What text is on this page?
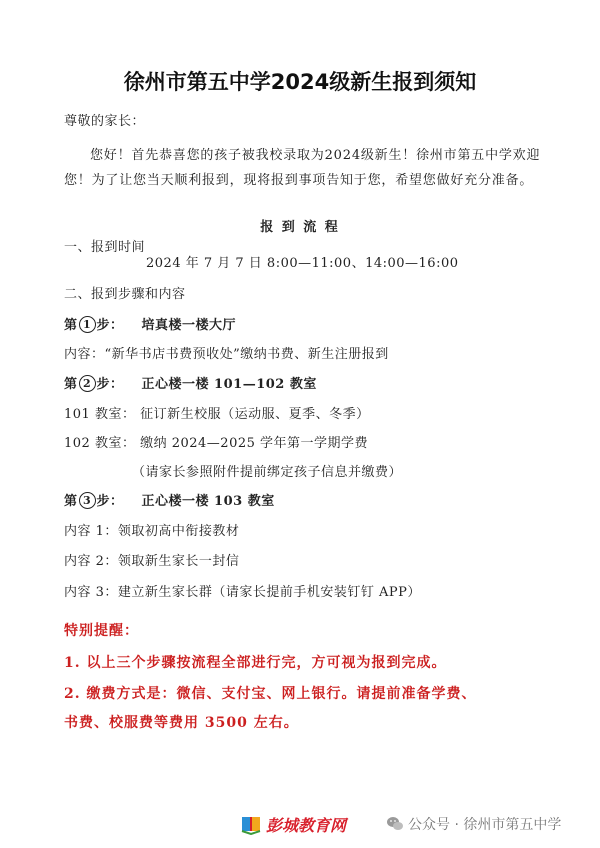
徐州市第五中学2024级新生报到须知
尊敬的家长：
您好！首先恭喜您的孩子被我校录取为2024级新生！徐州市第五中学欢迎您！为了让您当天顺利报到，现将报到事项告知于您，希望您做好充分准备。
报 到 流 程
一、报到时间
2024 年 7 月 7 日 8:00—11:00、14:00—16:00
二、报到步骤和内容
第 1 步： 培真楼一楼大厅
内容：“新华书店书费预收处”缴纳书费、新生注册报到
第 2 步： 正心楼一楼 101—102 教室
101 教室： 征订新生校服（运动服、夏季、冬季）
102 教室： 缴纳 2024—2025 学年第一学期学费
（请家长参照附件提前绑定孩子信息并缴费）
第 3 步： 正心楼一楼 103 教室
内容 1：领取初高中衔接教材
内容 2：领取新生家长一封信
内容 3：建立新生家长群（请家长提前手机安装钉钉 APP）
特别提醒：
1. 以上三个步骤按流程全部进行完，方可视为报到完成。
2. 缴费方式是：微信、支付宝、网上银行。请提前准备学费、
书费、校服费等费用 3500 左右。
彭城教育网	公众号 · 徐州市第五中学
